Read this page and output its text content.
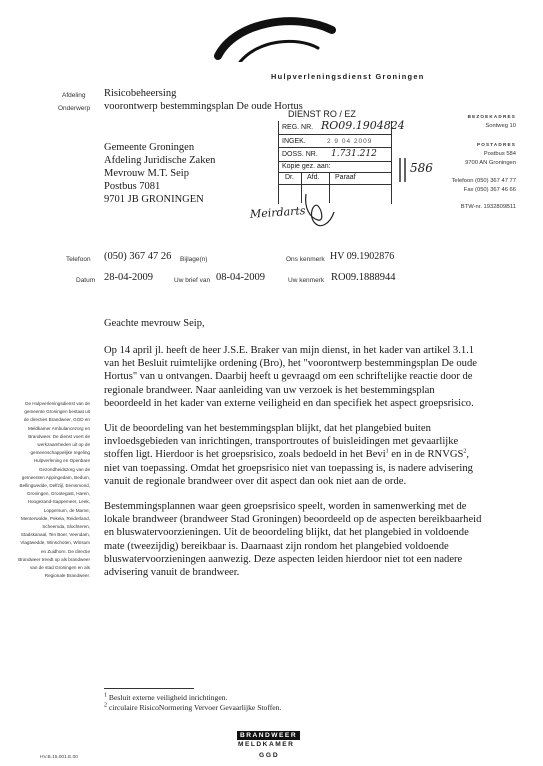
Hulpverleningsdienst Groningen
Afdeling Risicobeheersing
Onderwerp voorontwerp bestemmingsplan De oude Hortus
Gemeente Groningen
Afdeling Juridische Zaken
Mevrouw M.T. Seip
Postbus 7081
9701 JB GRONINGEN
DIENST RO / EZ
REG. NR. RO09.1904824
INGEK.	2 9 04 2009
DOSS. NR. 1.731.212
Kopie gez. aan:
Dr. Afd. Paraaf
586
Meirdarts
BEZOEKADRES
Sontweg 10
POSTADRES
Postbus 584
9700 AN Groningen
Telefoon (050) 367 47 77
Fax (050) 367 46 66
BTW-nr. 1932809B11
Telefoon (050) 367 47 26 Bijlage(n)	Ons kenmerk HV 09.1902876
Datum 28-04-2009	Uw brief van 08-04-2009	Uw kenmerk RO09.1888944
Geachte mevrouw Seip,

Op 14 april jl. heeft de heer J.S.E. Braker van mijn dienst, in het kader van artikel 3.1.1 van het Besluit ruimtelijke ordening (Bro), het "voorontwerp bestemmingsplan De oude Hortus" van u ontvangen. Daarbij heeft u gevraagd om een schriftelijke reactie door de regionale brandweer. Naar aanleiding van uw verzoek is het bestemmingsplan beoordeeld in het kader van externe veiligheid en dan specifiek het aspect groepsrisico.

Uit de beoordeling van het bestemmingsplan blijkt, dat het plangebied buiten invloedsgebieden van inrichtingen, transportroutes of buisleidingen met gevaarlijke stoffen ligt. Hierdoor is het groepsrisico, zoals bedoeld in het Bevi$^1$ en in de RNVGS$^2$, niet van toepassing. Omdat het groepsrisico niet van toepassing is, is nadere advisering vanuit de regionale brandweer over dit aspect dan ook niet aan de orde.

Bestemmingsplannen waar geen groepsrisico speelt, worden in samenwerking met de lokale brandweer (brandweer Stad Groningen) beoordeeld op de aspecten bereikbaarheid en bluswatervoorzieningen. Uit de beoordeling blijkt, dat het plangebied in voldoende mate (tweezijdig) bereikbaar is. Daarnaast zijn rondom het plangebied voldoende bluswatervoorzieningen aanwezig. Deze aspecten leiden hierdoor niet tot een nadere advisering vanuit de brandweer.

De Hulpverleningsdienst van de gemeente Groningen bestaat uit de directies Brandweer, GGD en Meldkamer Ambulancezorg en Brandweer. De dienst voert de werkzaamheden uit op de gemeenschappelijke regeling Hulpverlening en Openbare Gezondheidszorg van de gemeenten Appingedam, Bedum, Bellingwedde, Delfzijl, Eemsmond, Groningen, Grootegast, Haren, Hoogezand-Sappemeer, Leek, Loppersum, de Marne, Menterwolde, Pekela, Reiderland, Scheemda, Slochteren, Stadskanaal, Ten Boer, Veendam, Vlagtwedde, Winschoten, Winsum en Zuidhorn. De directie Brandweer treedt op als brandweer van de stad Groningen en als Regionale Brandweer.
$^1$ Besluit externe veiligheid inrichtingen.
$^2$ circulaire RisicoNormering Vervoer Gevaarlijke Stoffen.
BRANDWEER
MELDKAMER
GGD
HV.B.15.001.E.00
